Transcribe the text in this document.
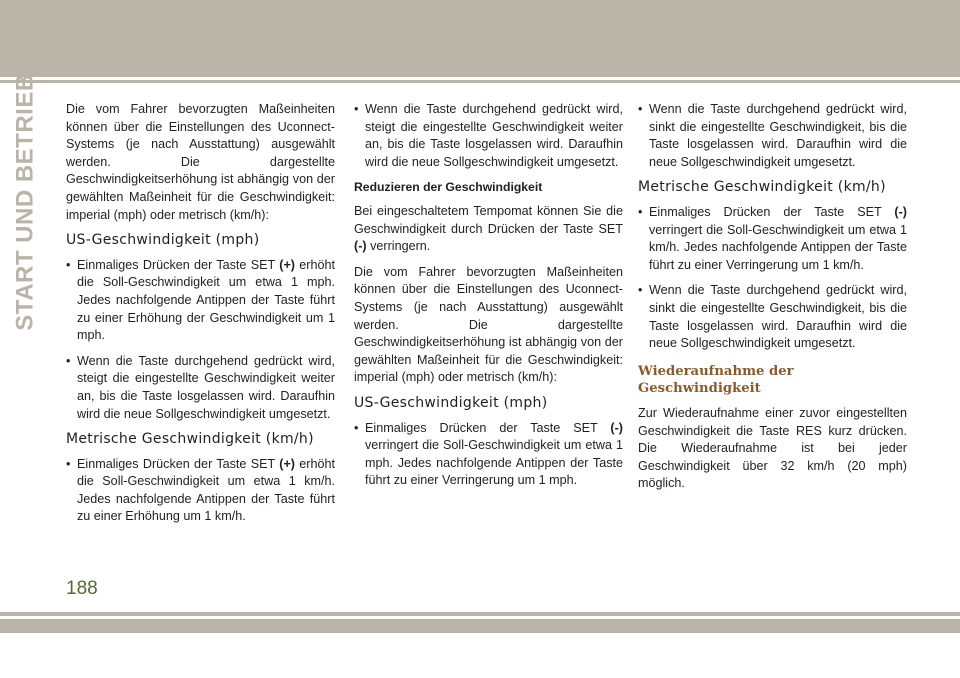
START UND BETRIEB Die vom Fahrer bevorzugten Maßeinheiten können über die Einstellungen des Uconnect-Systems (je nach Ausstattung) ausgewählt werden. Die dargestellte Geschwindigkeitserhöhung ist abhängig von der gewählten Maßeinheit für die Geschwindigkeit: imperial (mph) oder metrisch (km/h):

US-Geschwindigkeit (mph)
• Einmaliges Drücken der Taste SET (+) erhöht die Soll-Geschwindigkeit um etwa 1 mph. Jedes nachfolgende Antippen der Taste führt zu einer Erhöhung der Geschwindigkeit um 1 mph.
• Wenn die Taste durchgehend gedrückt wird, steigt die eingestellte Geschwindigkeit weiter an, bis die Taste losgelassen wird. Daraufhin wird die neue Sollgeschwindigkeit umgesetzt.
Metrische Geschwindigkeit (km/h)
• Einmaliges Drücken der Taste SET (+) erhöht die Soll-Geschwindigkeit um etwa 1 km/h. Jedes nachfolgende Antippen der Taste führt zu einer Erhöhung um 1 km/h.
• Wenn die Taste durchgehend gedrückt wird, steigt die eingestellte Geschwindigkeit weiter an, bis die Taste losgelassen wird. Daraufhin wird die neue Sollgeschwindigkeit umgesetzt.
Reduzieren der Geschwindigkeit

Bei eingeschaltetem Tempomat können Sie die Geschwindigkeit durch Drücken der Taste SET (-) verringern.

Die vom Fahrer bevorzugten Maßeinheiten können über die Einstellungen des Uconnect-Systems (je nach Ausstattung) ausgewählt werden. Die dargestellte Geschwindigkeitserhöhung ist abhängig von der gewählten Maßeinheit für die Geschwindigkeit: imperial (mph) oder metrisch (km/h):

US-Geschwindigkeit (mph)
• Einmaliges Drücken der Taste SET (-) verringert die Soll-Geschwindigkeit um etwa 1 mph. Jedes nachfolgende Antippen der Taste führt zu einer Verringerung um 1 mph.
• Wenn die Taste durchgehend gedrückt wird, sinkt die eingestellte Geschwindigkeit, bis die Taste losgelassen wird. Daraufhin wird die neue Sollgeschwindigkeit umgesetzt.
Metrische Geschwindigkeit (km/h)
• Einmaliges Drücken der Taste SET (-) verringert die Soll-Geschwindigkeit um etwa 1 km/h. Jedes nachfolgende Antippen der Taste führt zu einer Verringerung um 1 km/h.
• Wenn die Taste durchgehend gedrückt wird, sinkt die eingestellte Geschwindigkeit, bis die Taste losgelassen wird. Daraufhin wird die neue Sollgeschwindigkeit umgesetzt.
Wiederaufnahme der Geschwindigkeit

Zur Wiederaufnahme einer zuvor eingestellten Geschwindigkeit die Taste RES kurz drücken. Die Wiederaufnahme ist bei jeder Geschwindigkeit über 32 km/h (20 mph) möglich.

188
